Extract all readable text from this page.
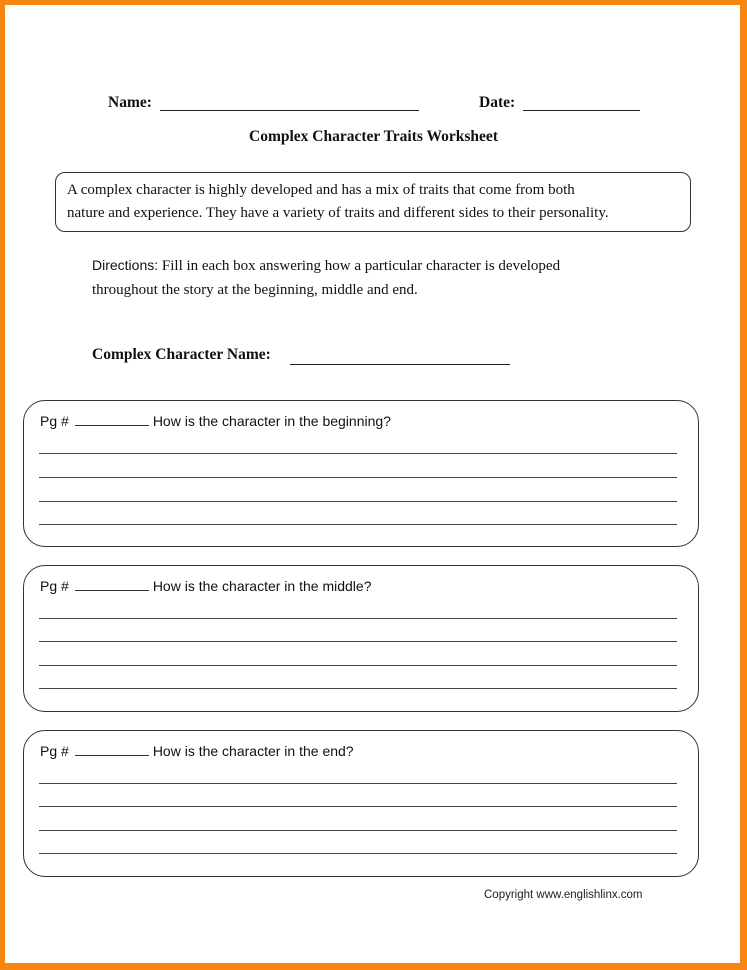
Name:	Date:
Complex Character Traits Worksheet
A complex character is highly developed and has a mix of traits that come from both
nature and experience. They have a variety of traits and different sides to their personality.
Directions: Fill in each box answering how a particular character is developed
throughout the story at the beginning, middle and end.
Complex Character Name:
Pg #	How is the character in the beginning?
Pg #	How is the character in the middle?
Pg #	How is the character in the end?
Copyright www.englishlinx.com
